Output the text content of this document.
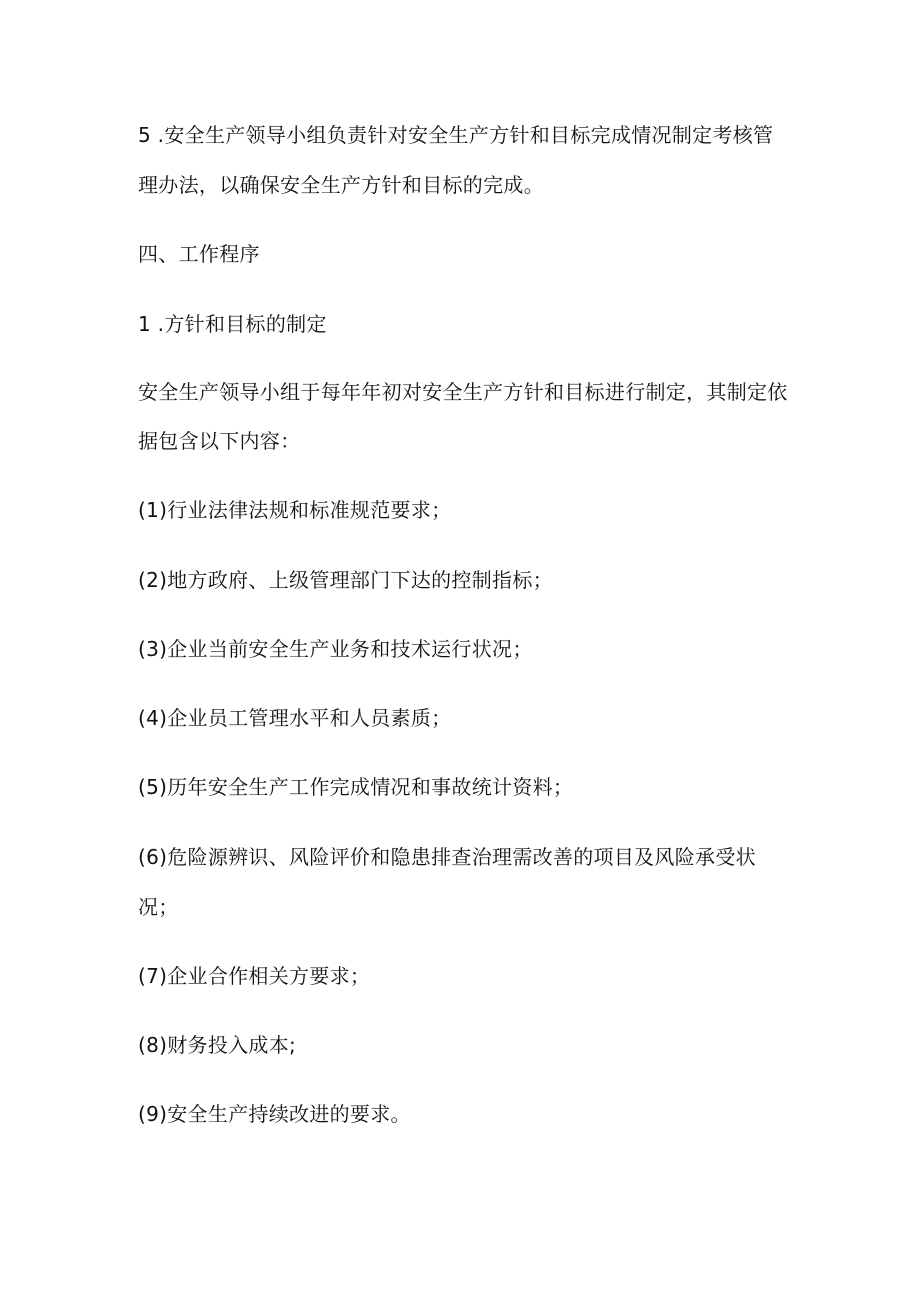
5 .安全生产领导小组负责针对安全生产方针和目标完成情况制定考核管
理办法，以确保安全生产方针和目标的完成。
四、工作程序
1 .方针和目标的制定
安全生产领导小组于每年年初对安全生产方针和目标进行制定，其制定依
据包含以下内容：
(1)行业法律法规和标准规范要求；
(2)地方政府、上级管理部门下达的控制指标；
(3)企业当前安全生产业务和技术运行状况；
(4)企业员工管理水平和人员素质；
(5)历年安全生产工作完成情况和事故统计资料；
(6)危险源辨识、风险评价和隐患排查治理需改善的项目及风险承受状
况；
(7)企业合作相关方要求；
(8)财务投入成本;
(9)安全生产持续改进的要求。
